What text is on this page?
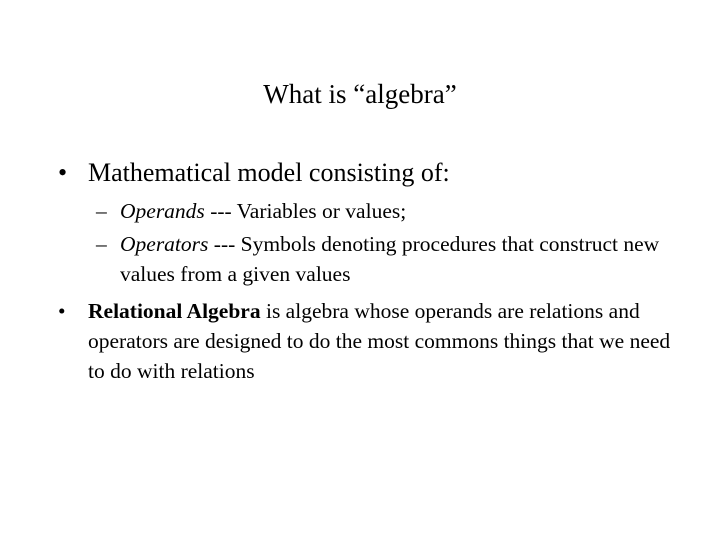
What is “algebra”
• Mathematical model consisting of:
– Operands --- Variables or values;
– Operators --- Symbols denoting procedures that construct new values from a given values
• Relational Algebra is algebra whose operands are relations and operators are designed to do the most commons things that we need to do with relations
